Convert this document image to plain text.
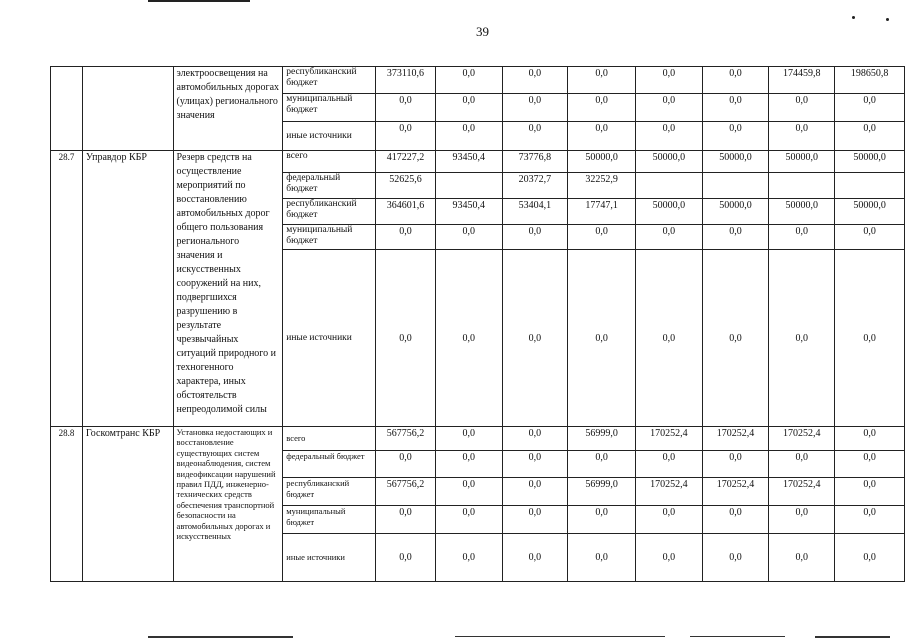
39
		электроосвещения на автомобильных дорогах (улицах) регионального значения	республиканский бюджет	373110,6	0,0	0,0	0,0	0,0	0,0	174459,8	198650,8
			муниципальный бюджет	0,0	0,0	0,0	0,0	0,0	0,0	0,0	0,0
			иные источники	0,0	0,0	0,0	0,0	0,0	0,0	0,0	0,0
28.7	Управдор КБР	Резерв средств на осуществление мероприятий по восстановлению автомобильных дорог общего пользования регионального значения и искусственных сооружений на них, подвергшихся разрушению в результате чрезвычайных ситуаций природного и техногенного характера, иных обстоятельств непреодолимой силы	всего	417227,2	93450,4	73776,8	50000,0	50000,0	50000,0	50000,0	50000,0
			федеральный бюджет	52625,6		20372,7	32252,9				
			республиканский бюджет	364601,6	93450,4	53404,1	17747,1	50000,0	50000,0	50000,0	50000,0
			муниципальный бюджет	0,0	0,0	0,0	0,0	0,0	0,0	0,0	0,0
			иные источники	0,0	0,0	0,0	0,0	0,0	0,0	0,0	0,0
28.8	Госкомтранс КБР	Установка недостающих и восстановление существующих систем видеонаблюдения, систем видеофиксации нарушений правил ПДД, инженерно-технических средств обеспечения транспортной безопасности на автомобильных дорогах и искусственных	всего	567756,2	0,0	0,0	56999,0	170252,4	170252,4	170252,4	0,0
			федеральный бюджет	0,0	0,0	0,0	0,0	0,0	0,0	0,0	0,0
			республиканский бюджет	567756,2	0,0	0,0	56999,0	170252,4	170252,4	170252,4	0,0
			муниципальный бюджет	0,0	0,0	0,0	0,0	0,0	0,0	0,0	0,0
			иные источники	0,0	0,0	0,0	0,0	0,0	0,0	0,0	0,0
